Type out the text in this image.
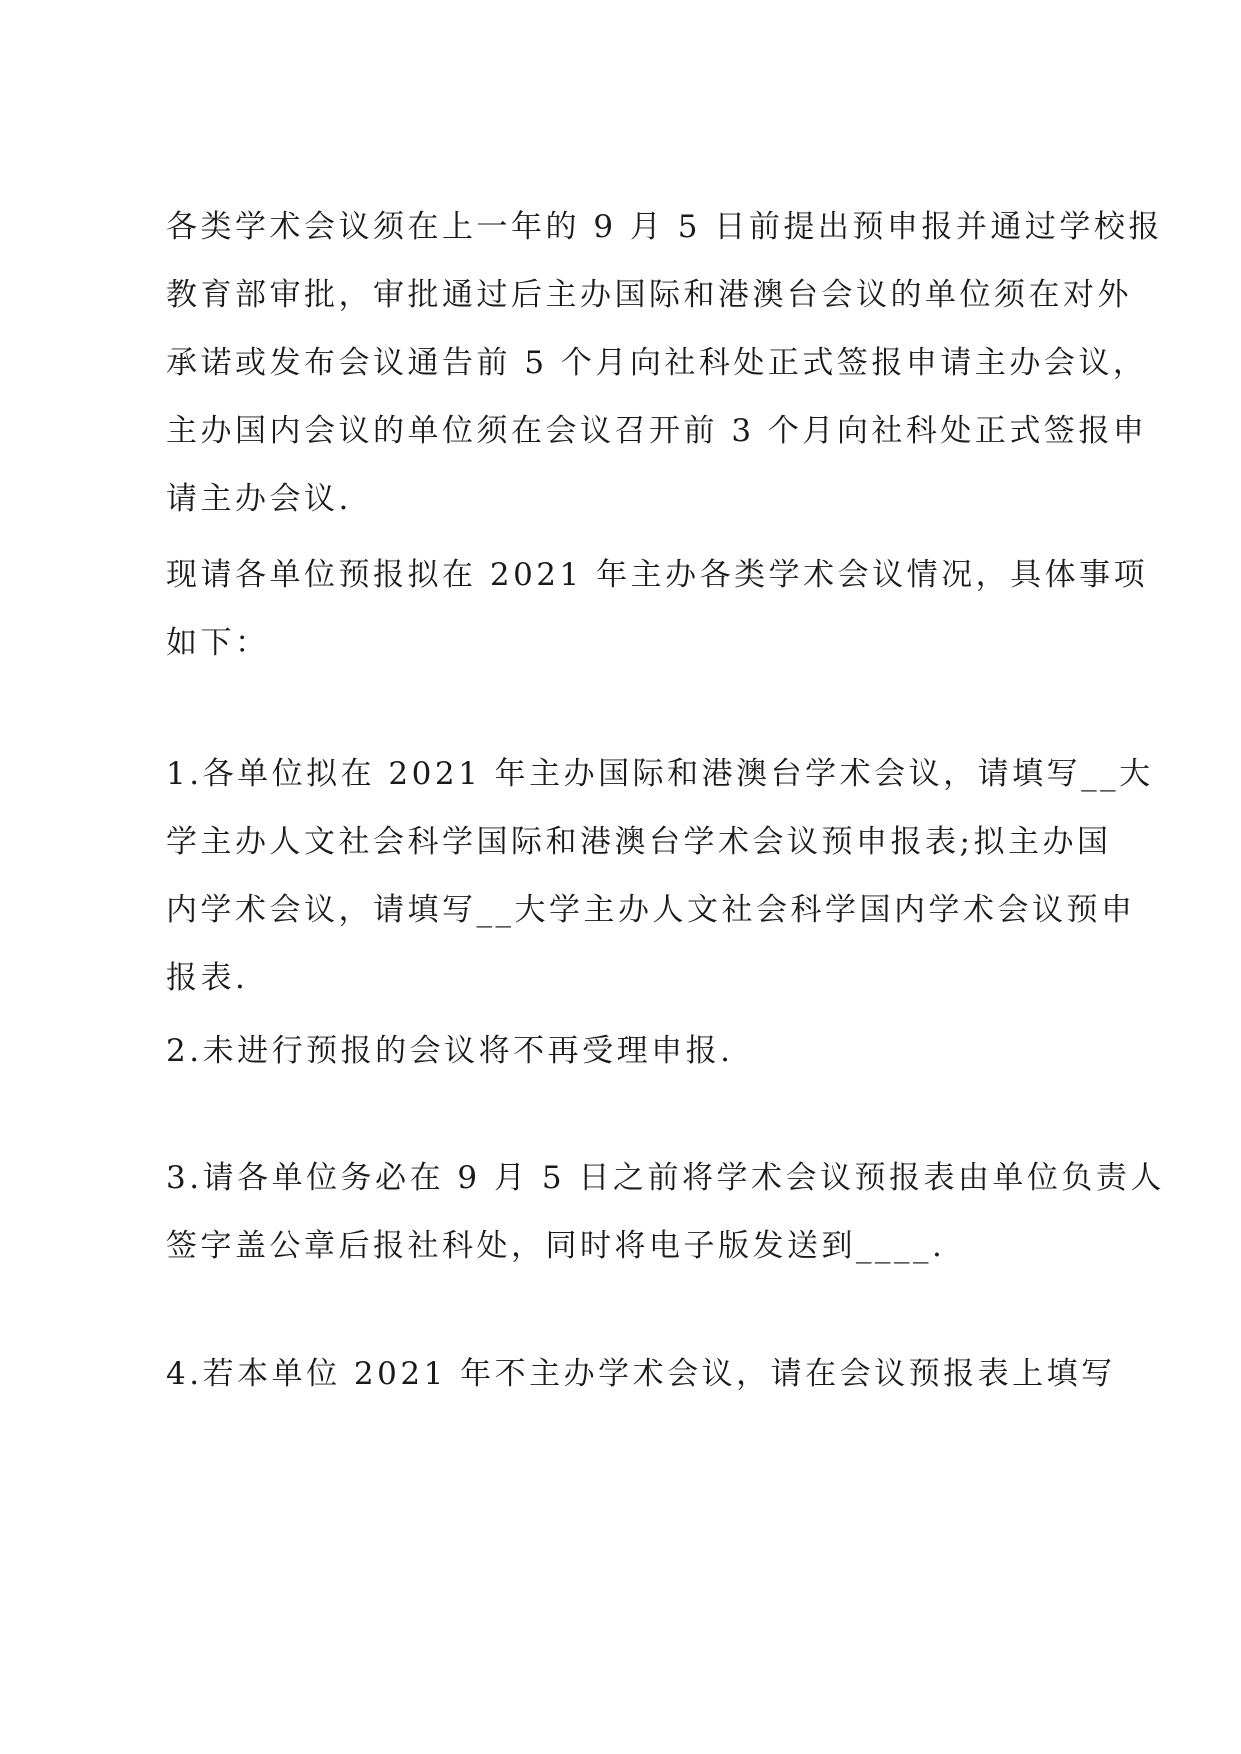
各类学术会议须在上一年的 9 月 5 日前提出预申报并通过学校报
教育部审批，审批通过后主办国际和港澳台会议的单位须在对外
承诺或发布会议通告前 5 个月向社科处正式签报申请主办会议，
主办国内会议的单位须在会议召开前 3 个月向社科处正式签报申
请主办会议.

现请各单位预报拟在 2021 年主办各类学术会议情况，具体事项
如下：

1.各单位拟在 2021 年主办国际和港澳台学术会议，请填写__大
学主办人文社会科学国际和港澳台学术会议预申报表;拟主办国
内学术会议，请填写__大学主办人文社会科学国内学术会议预申
报表.

2.未进行预报的会议将不再受理申报.

3.请各单位务必在 9 月 5 日之前将学术会议预报表由单位负责人
签字盖公章后报社科处，同时将电子版发送到____.

4.若本单位 2021 年不主办学术会议，请在会议预报表上填写
